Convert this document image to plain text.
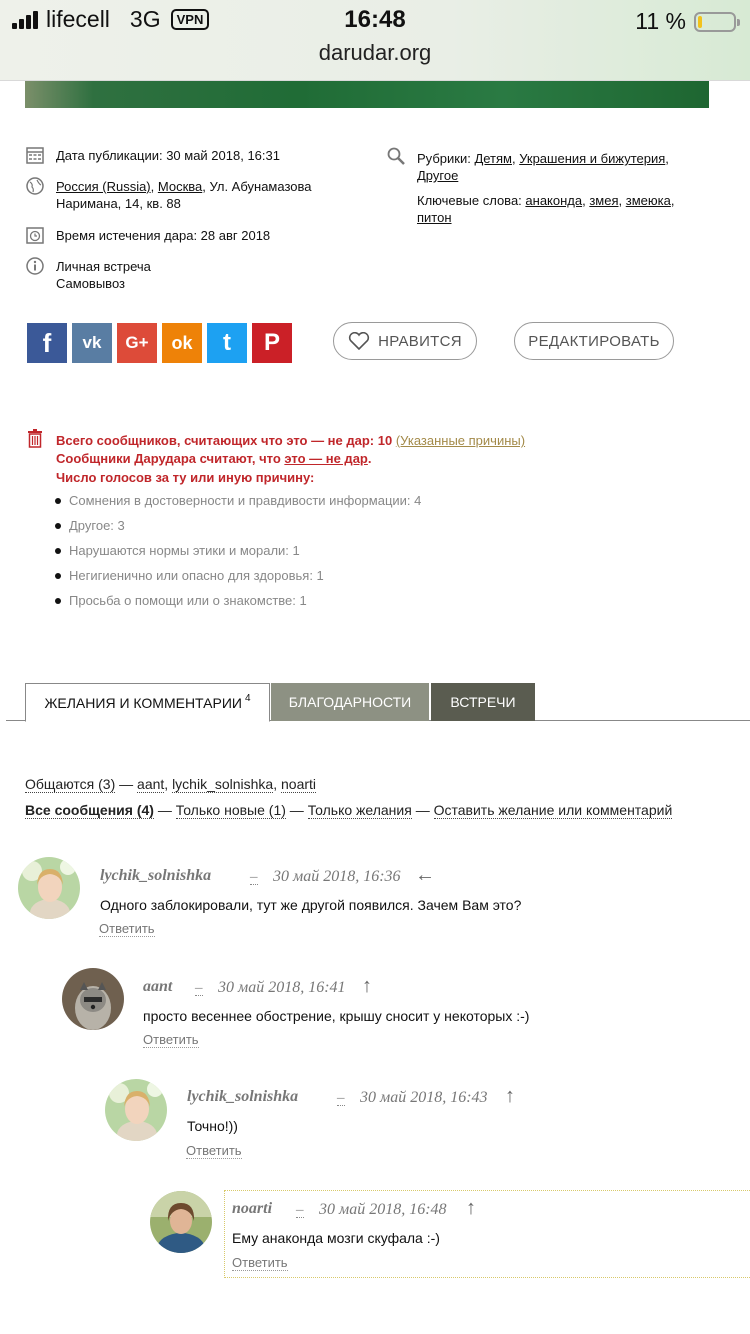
lifecell 3G	VPN	16:48
darudar.org
11 %
Дата публикации: 30 май 2018, 16:31
Россия (Russia), Москва, Ул. Абунамазова
Наримана, 14, кв. 88
Время истечения дара: 28 авг 2018
Личная встреча
Самовывоз
Рубрики: Детям, Украшения и бижутерия,
Другое
Ключевые слова: анаконда, змея, змеюка,
питон
f vk G+ ok t P	НРАВИТСЯ	РЕДАКТИРОВАТЬ
Всего сообщников, считающих что это — не дар: 10 (Указанные причины)
Сообщники Дарудара считают, что это — не дар.
Число голосов за ту или иную причину:
Сомнения в достоверности и правдивости информации: 4
Другое: 3
Нарушаются нормы этики и морали: 1
Негигиенично или опасно для здоровья: 1
Просьба о помощи или о знакомстве: 1
ЖЕЛАНИЯ И КОММЕНТАРИИ $^4$	БЛАГОДАРНОСТИ	ВСТРЕЧИ
Общаются (3) — aant, lychik_solnishka, noarti
Все сообщения (4) — Только новые (1) — Только желания — Оставить желание или комментарий
lychik_solnishka	– 30 май 2018, 16:36 ←
Одного заблокировали, тут же другой появился. Зачем Вам это?
Ответить
aant – 30 май 2018, 16:41 ↑
просто весеннее обострение, крышу сносит у некоторых :-)
Ответить
lychik_solnishka	– 30 май 2018, 16:43 ↑
Точно!))
Ответить
noarti – 30 май 2018, 16:48 ↑
Ему анаконда мозги скуфала :-)
Ответить
